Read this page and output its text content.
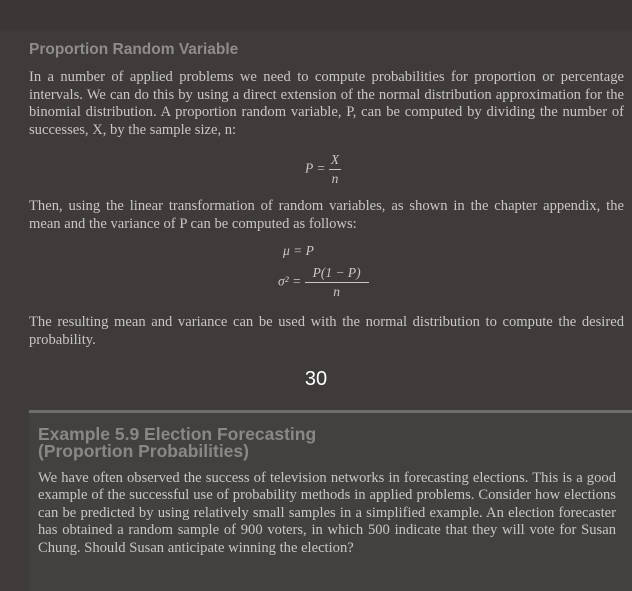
Proportion Random Variable

In a number of applied problems we need to compute probabilities for proportion or percentage intervals. We can do this by using a direct extension of the normal distribution approximation for the binomial distribution. A proportion random variable, P, can be computed by dividing the number of successes, X, by the sample size, n:

$P = \frac{X}{n}$

Then, using the linear transformation of random variables, as shown in the chapter appendix, the mean and the variance of P can be computed as follows:

μ = P
$\sigma^2 = \frac{P(1 - P)}{n}$

The resulting mean and variance can be used with the normal distribution to compute the desired probability.

30
Example 5.9 Election Forecasting
(Proportion Probabilities)

We have often observed the success of television networks in forecasting elections. This is a good example of the successful use of probability methods in applied problems. Consider how elections can be predicted by using relatively small samples in a simplified example. An election forecaster has obtained a random sample of 900 voters, in which 500 indicate that they will vote for Susan Chung. Should Susan anticipate winning the election?
